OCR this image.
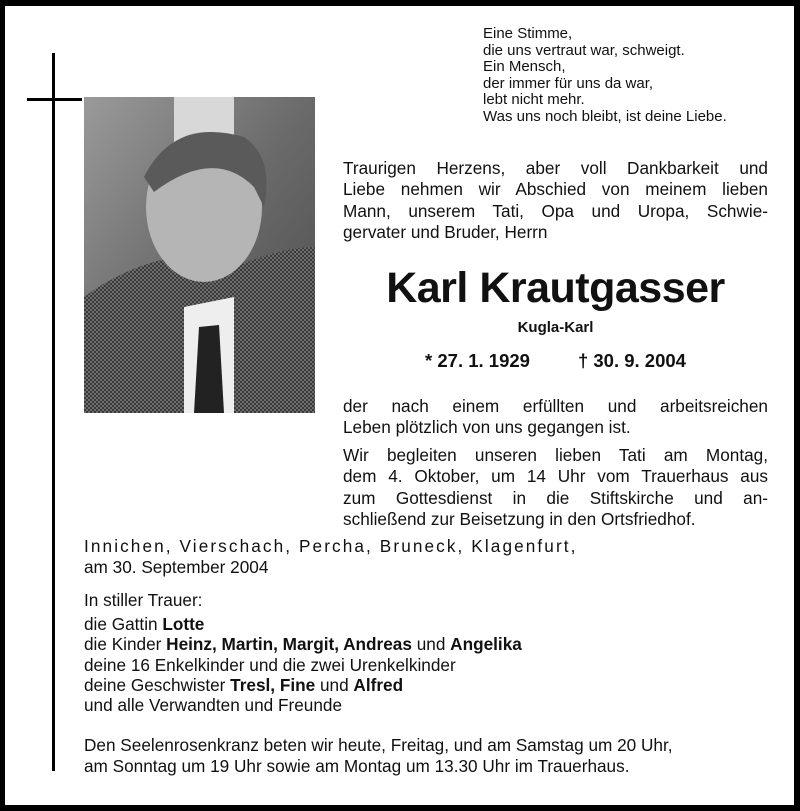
Eine Stimme,
die uns vertraut war, schweigt.
Ein Mensch,
der immer für uns da war,
lebt nicht mehr.
Was uns noch bleibt, ist deine Liebe.
Traurigen Herzens, aber voll Dankbarkeit und
Liebe nehmen wir Abschied von meinem lieben
Mann, unserem Tati, Opa und Uropa, Schwie-
gervater und Bruder, Herrn
Karl Krautgasser
Kugla-Karl
* 27. 1. 1929	† 30. 9. 2004
der nach einem erfüllten und arbeitsreichen
Leben plötzlich von uns gegangen ist.
Wir begleiten unseren lieben Tati am Montag,
dem 4. Oktober, um 14 Uhr vom Trauerhaus aus
zum Gottesdienst in die Stiftskirche und an-
schließend zur Beisetzung in den Ortsfriedhof.
Innichen, Vierschach, Percha, Bruneck, Klagenfurt,
am 30. September 2004
In stiller Trauer:
die Gattin Lotte
die Kinder Heinz, Martin, Margit, Andreas und Angelika
deine 16 Enkelkinder und die zwei Urenkelkinder
deine Geschwister Tresl, Fine und Alfred
und alle Verwandten und Freunde
Den Seelenrosenkranz beten wir heute, Freitag, und am Samstag um 20 Uhr,
am Sonntag um 19 Uhr sowie am Montag um 13.30 Uhr im Trauerhaus.
